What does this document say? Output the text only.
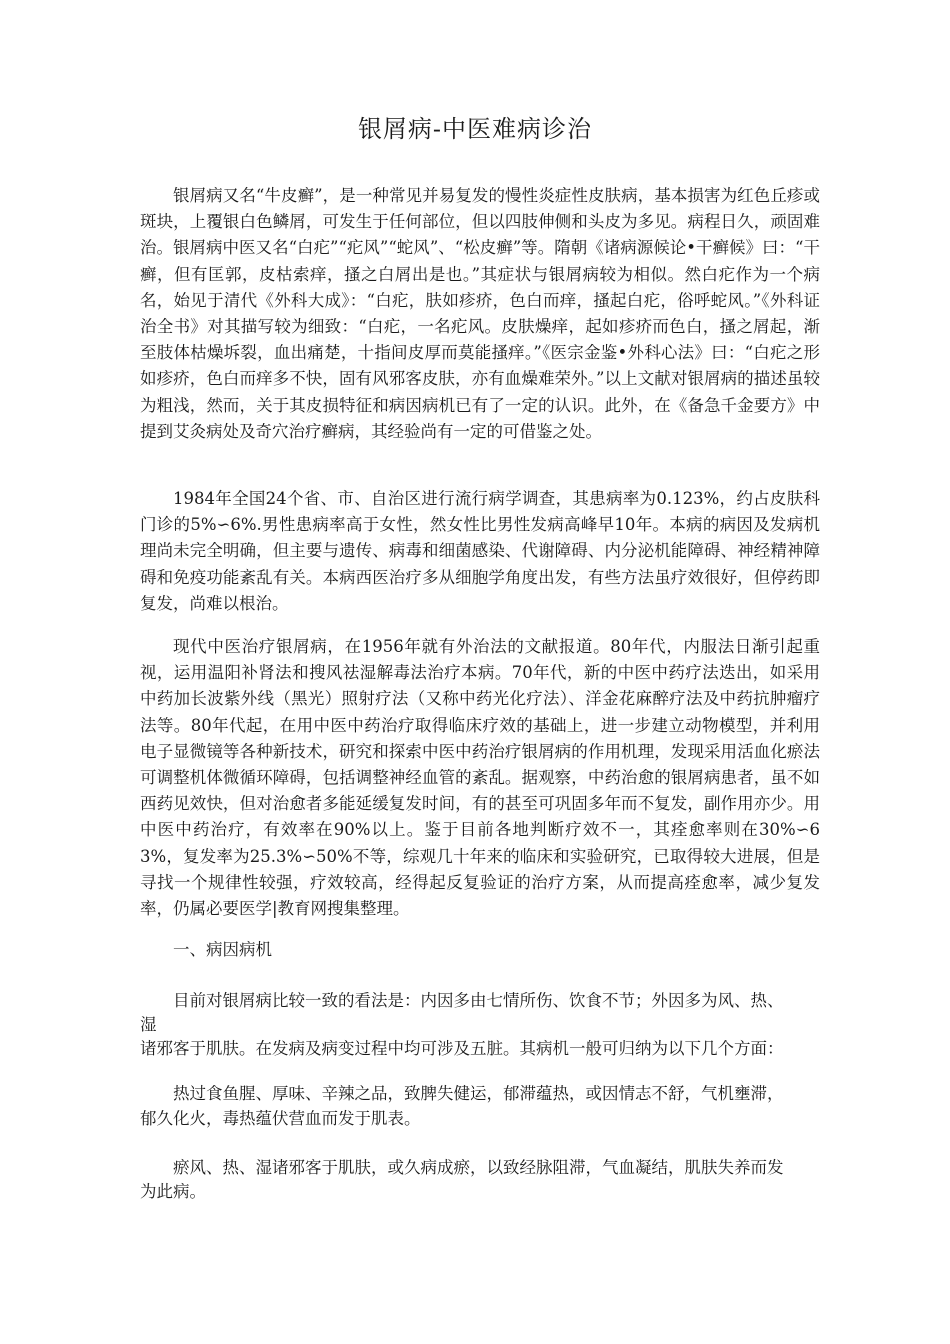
银屑病-中医难病诊治

银屑病又名“牛皮癣”，是一种常见并易复发的慢性炎症性皮肤病，基本损害为红色丘疹或斑块，上覆银白色鳞屑，可发生于任何部位，但以四肢伸侧和头皮为多见。病程日久，顽固难治。银屑病中医又名“白疕”“疕风”“蛇风”、“松皮癣”等。隋朝《诸病源候论•干癣候》曰：“干癣，但有匡郭，皮枯索痒，搔之白屑出是也。”其症状与银屑病较为相似。然白疕作为一个病名，始见于清代《外科大成》：“白疕，肤如疹疥，色白而痒，搔起白疕，俗呼蛇风。”《外科证治全书》对其描写较为细致：“白疕，一名疕风。皮肤燥痒，起如疹疥而色白，搔之屑起，渐至肢体枯燥坼裂，血出痛楚，十指间皮厚而莫能搔痒。”《医宗金鉴•外科心法》曰：“白疕之形如疹疥，色白而痒多不快，固有风邪客皮肤，亦有血燥难荣外。”以上文献对银屑病的描述虽较为粗浅，然而，关于其皮损特征和病因病机已有了一定的认识。此外，在《备急千金要方》中提到艾灸病处及奇穴治疗癣病，其经验尚有一定的可借鉴之处。

1984年全国24个省、市、自治区进行流行病学调查，其患病率为0.123%，约占皮肤科门诊的5%∽6%.男性患病率高于女性，然女性比男性发病高峰早10年。本病的病因及发病机理尚未完全明确，但主要与遗传、病毒和细菌感染、代谢障碍、内分泌机能障碍、神经精神障碍和免疫功能紊乱有关。本病西医治疗多从细胞学角度出发，有些方法虽疗效很好，但停药即复发，尚难以根治。

现代中医治疗银屑病，在1956年就有外治法的文献报道。80年代，内服法日渐引起重视，运用温阳补肾法和搜风祛湿解毒法治疗本病。70年代，新的中医中药疗法迭出，如采用中药加长波紫外线（黑光）照射疗法（又称中药光化疗法）、洋金花麻醉疗法及中药抗肿瘤疗法等。80年代起，在用中医中药治疗取得临床疗效的基础上，进一步建立动物模型，并利用电子显微镜等各种新技术，研究和探索中医中药治疗银屑病的作用机理，发现采用活血化瘀法可调整机体微循环障碍，包括调整神经血管的紊乱。据观察，中药治愈的银屑病患者，虽不如西药见效快，但对治愈者多能延缓复发时间，有的甚至可巩固多年而不复发，副作用亦少。用中医中药治疗，有效率在90%以上。鉴于目前各地判断疗效不一，其痊愈率则在30%∽63%，复发率为25.3%∽50%不等，综观几十年来的临床和实验研究，已取得较大进展，但是寻找一个规律性较强，疗效较高，经得起反复验证的治疗方案，从而提高痊愈率，减少复发率，仍属必要医学|教育网搜集整理。

一、病因病机

目前对银屑病比较一致的看法是：内因多由七情所伤、饮食不节；外因多为风、热、

湿

诸邪客于肌肤。在发病及病变过程中均可涉及五脏。其病机一般可归纳为以下几个方面：

热过食鱼腥、厚味、辛辣之品，致脾失健运，郁滞蕴热，或因情志不舒，气机壅滞，

郁久化火，毒热蕴伏营血而发于肌表。

瘀风、热、湿诸邪客于肌肤，或久病成瘀，以致经脉阻滞，气血凝结，肌肤失养而发

为此病。
